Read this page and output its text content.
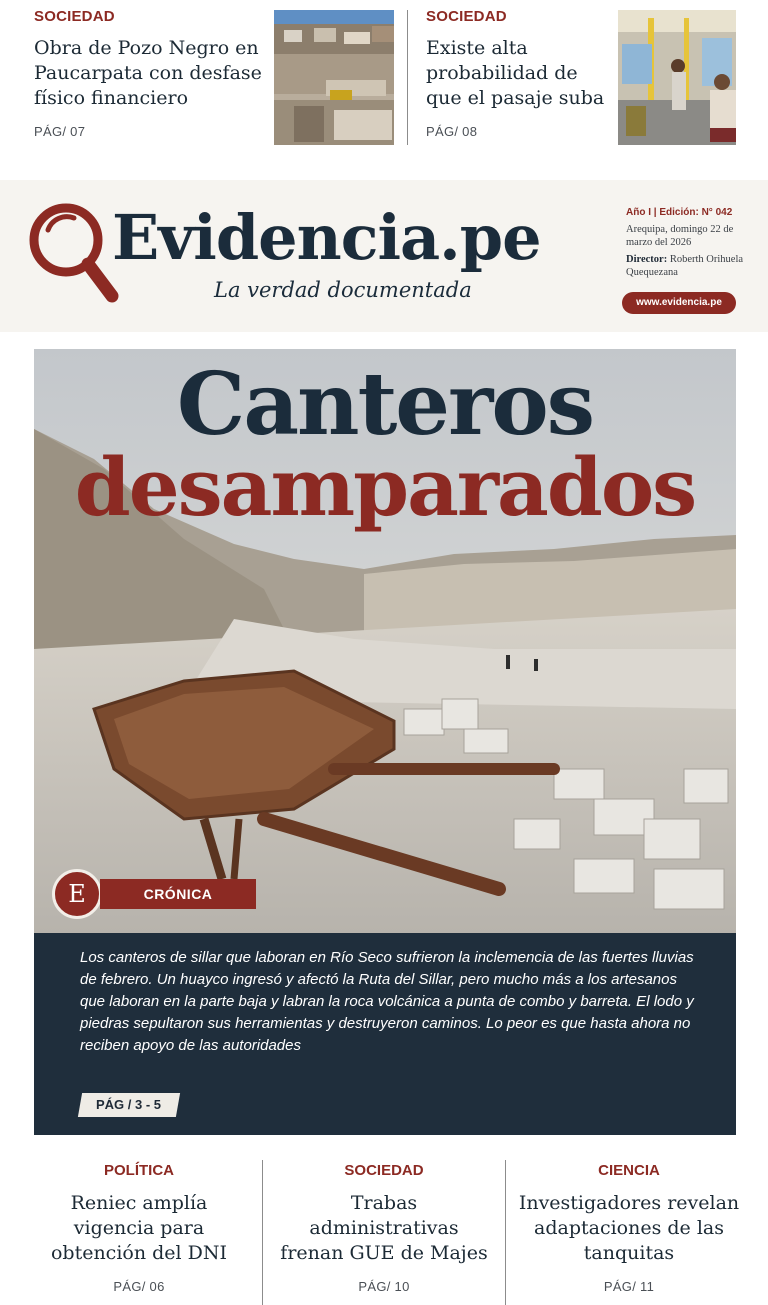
SOCIEDAD
Obra de Pozo Negro en Paucarpata con desfase físico financiero
PÁG/ 07
SOCIEDAD
Existe alta probabilidad de que el pasaje suba
PÁG/ 08
Evidencia.pe
La verdad documentada
Año I | Edición: N° 042
Arequipa, domingo 22 de marzo del 2026
Director: Roberth Orihuela Quequezana
www.evidencia.pe
Canteros
desamparados
E	CRÓNICA
Los canteros de sillar que laboran en Río Seco sufrieron la inclemencia de las fuertes lluvias de febrero. Un huayco ingresó y afectó la Ruta del Sillar, pero mucho más a los artesanos que laboran en la parte baja y labran la roca volcánica a punta de combo y barreta. El lodo y piedras sepultaron sus herramientas y destruyeron caminos. Lo peor es que hasta ahora no reciben apoyo de las autoridades
PÁG / 3 - 5
POLÍTICA
Reniec amplía vigencia para obtención del DNI
PÁG/ 06
SOCIEDAD
Trabas administrativas frenan GUE de Majes
PÁG/ 10
CIENCIA
Investigadores revelan adaptaciones de las tanquitas
PÁG/ 11
